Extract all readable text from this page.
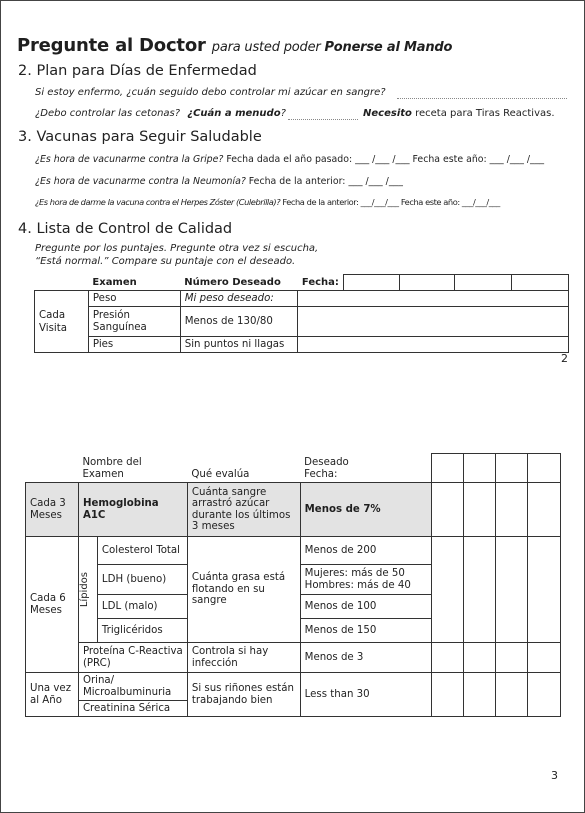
Pregunte al Doctor para usted poder Ponerse al Mando
2. Plan para Días de Enfermedad
Si estoy enfermo, ¿cuán seguido debo controlar mi azúcar en sangre?
¿Debo controlar las cetonas? ¿Cuán a menudo?	Necesito receta para Tiras Reactivas.
3. Vacunas para Seguir Saludable
¿Es hora de vacunarme contra la Gripe? Fecha dada el año pasado: ___ /___ /___ Fecha este año: ___ /___ /___
¿Es hora de vacunarme contra la Neumonía? Fecha de la anterior: ___ /___ /___
¿Es hora de darme la vacuna contra el Herpes Zóster (Culebrilla)? Fecha de la anterior: ___/___/___ Fecha este año: ___/___/___
4. Lista de Control de Calidad
Pregunte por los puntajes. Pregunte otra vez si escucha,
“Está normal.” Compare su puntaje con el deseado.
	Examen	Número Deseado	Fecha:				
Cada Visita	Peso	Mi peso deseado:					
	Presión Sanguínea	Menos de 130/80					
	Pies	Sin puntos ni llagas					
2
	Nombre del Examen		Qué evalúa	Deseado
Fecha:				
Cada 3 Meses	Hemoglobina A1C		Cuánta sangre arrastró azúcar durante los últimos 3 meses	Menos de 7%				
Cada 6 Meses	Lípidos	Colesterol Total	Cuánta grasa está flotando en su sangre	Menos de 200				
		LDH (bueno)		Mujeres: más de 50
Hombres: más de 40				
		LDL (malo)		Menos de 100				
		Triglicéridos		Menos de 150				
	Proteína C-Reactiva (PRC)		Controla si hay infección	Menos de 3				
Una vez al Año	Orina/ Microalbuminuria		Si sus riñones están trabajando bien	Less than 30				
	Creatinina Sérica							
3
